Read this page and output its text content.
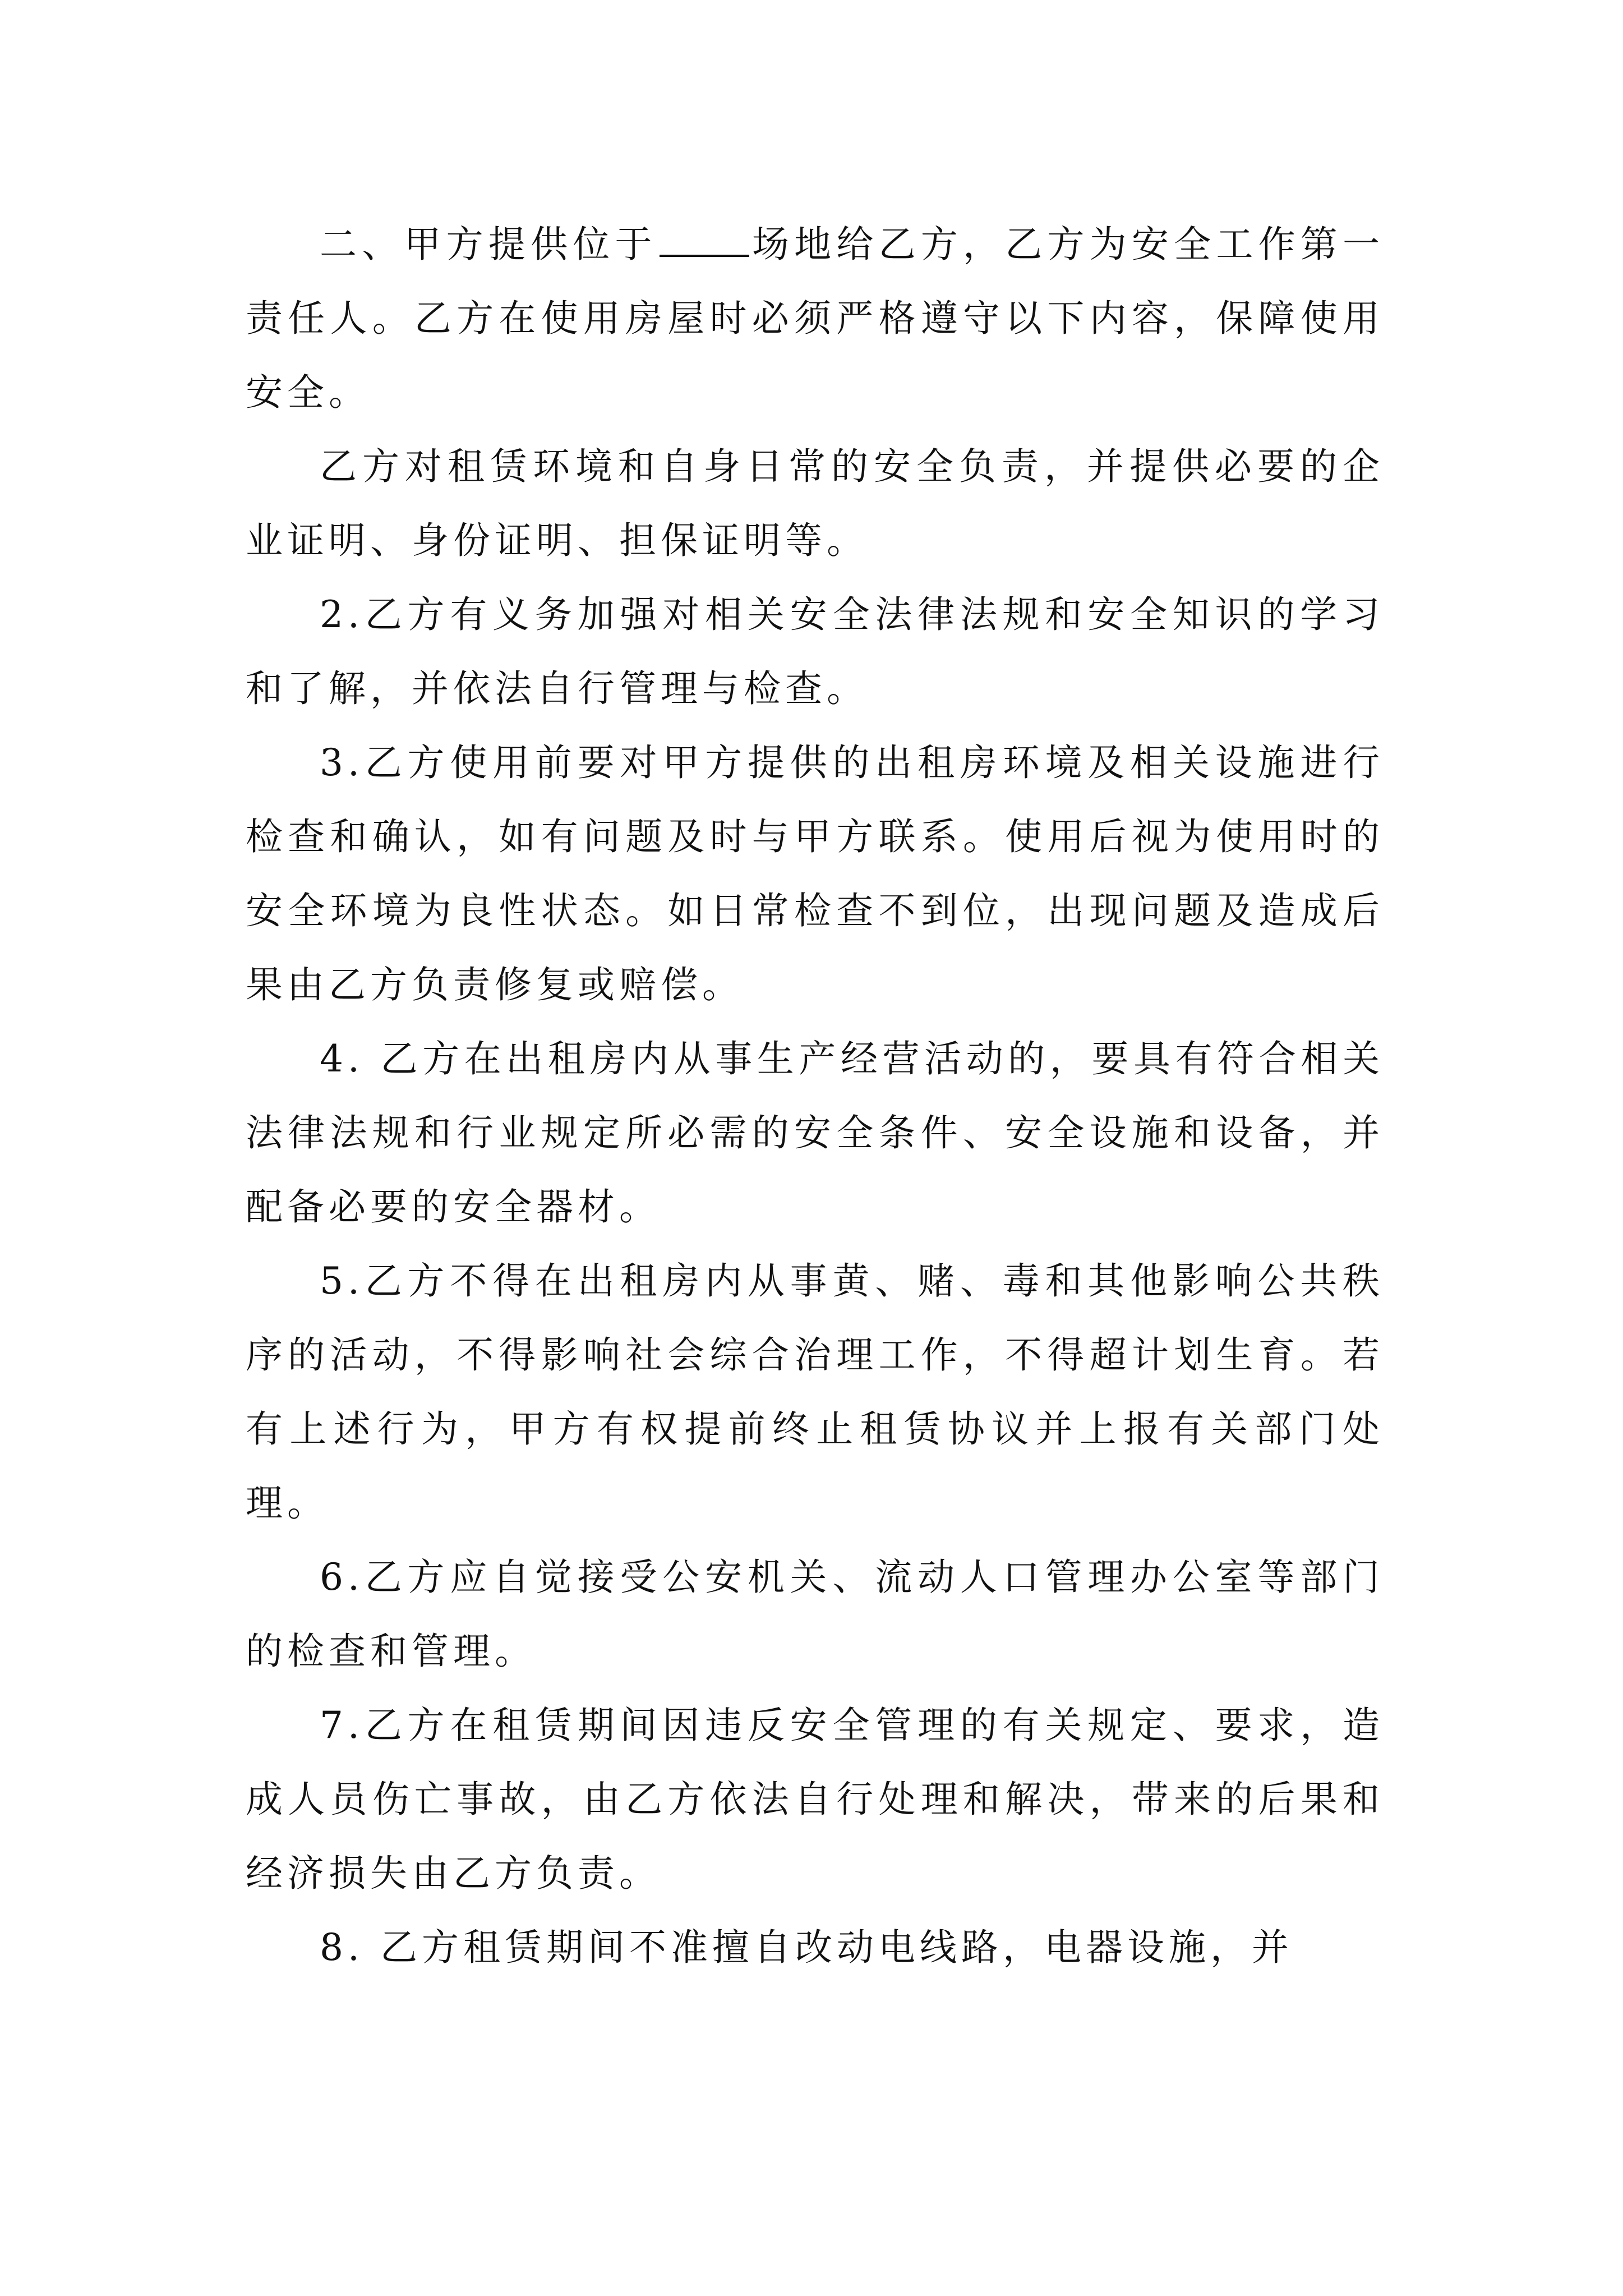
二、甲方提供位于	场地给乙方，乙方为安全工作第一责任人。乙方在使用房屋时必须严格遵守以下内容，保障使用安全。

乙方对租赁环境和自身日常的安全负责，并提供必要的企业证明、身份证明、担保证明等。

2.乙方有义务加强对相关安全法律法规和安全知识的学习和了解，并依法自行管理与检查。

3.乙方使用前要对甲方提供的出租房环境及相关设施进行检查和确认，如有问题及时与甲方联系。使用后视为使用时的安全环境为良性状态。如日常检查不到位，出现问题及造成后果由乙方负责修复或赔偿。

4. 乙方在出租房内从事生产经营活动的，要具有符合相关法律法规和行业规定所必需的安全条件、安全设施和设备，并配备必要的安全器材。

5.乙方不得在出租房内从事黄、赌、毒和其他影响公共秩序的活动，不得影响社会综合治理工作，不得超计划生育。若有上述行为，甲方有权提前终止租赁协议并上报有关部门处理。

6.乙方应自觉接受公安机关、流动人口管理办公室等部门的检查和管理。

7.乙方在租赁期间因违反安全管理的有关规定、要求，造成人员伤亡事故，由乙方依法自行处理和解决，带来的后果和经济损失由乙方负责。

8. 乙方租赁期间不准擅自改动电线路，电器设施，并
